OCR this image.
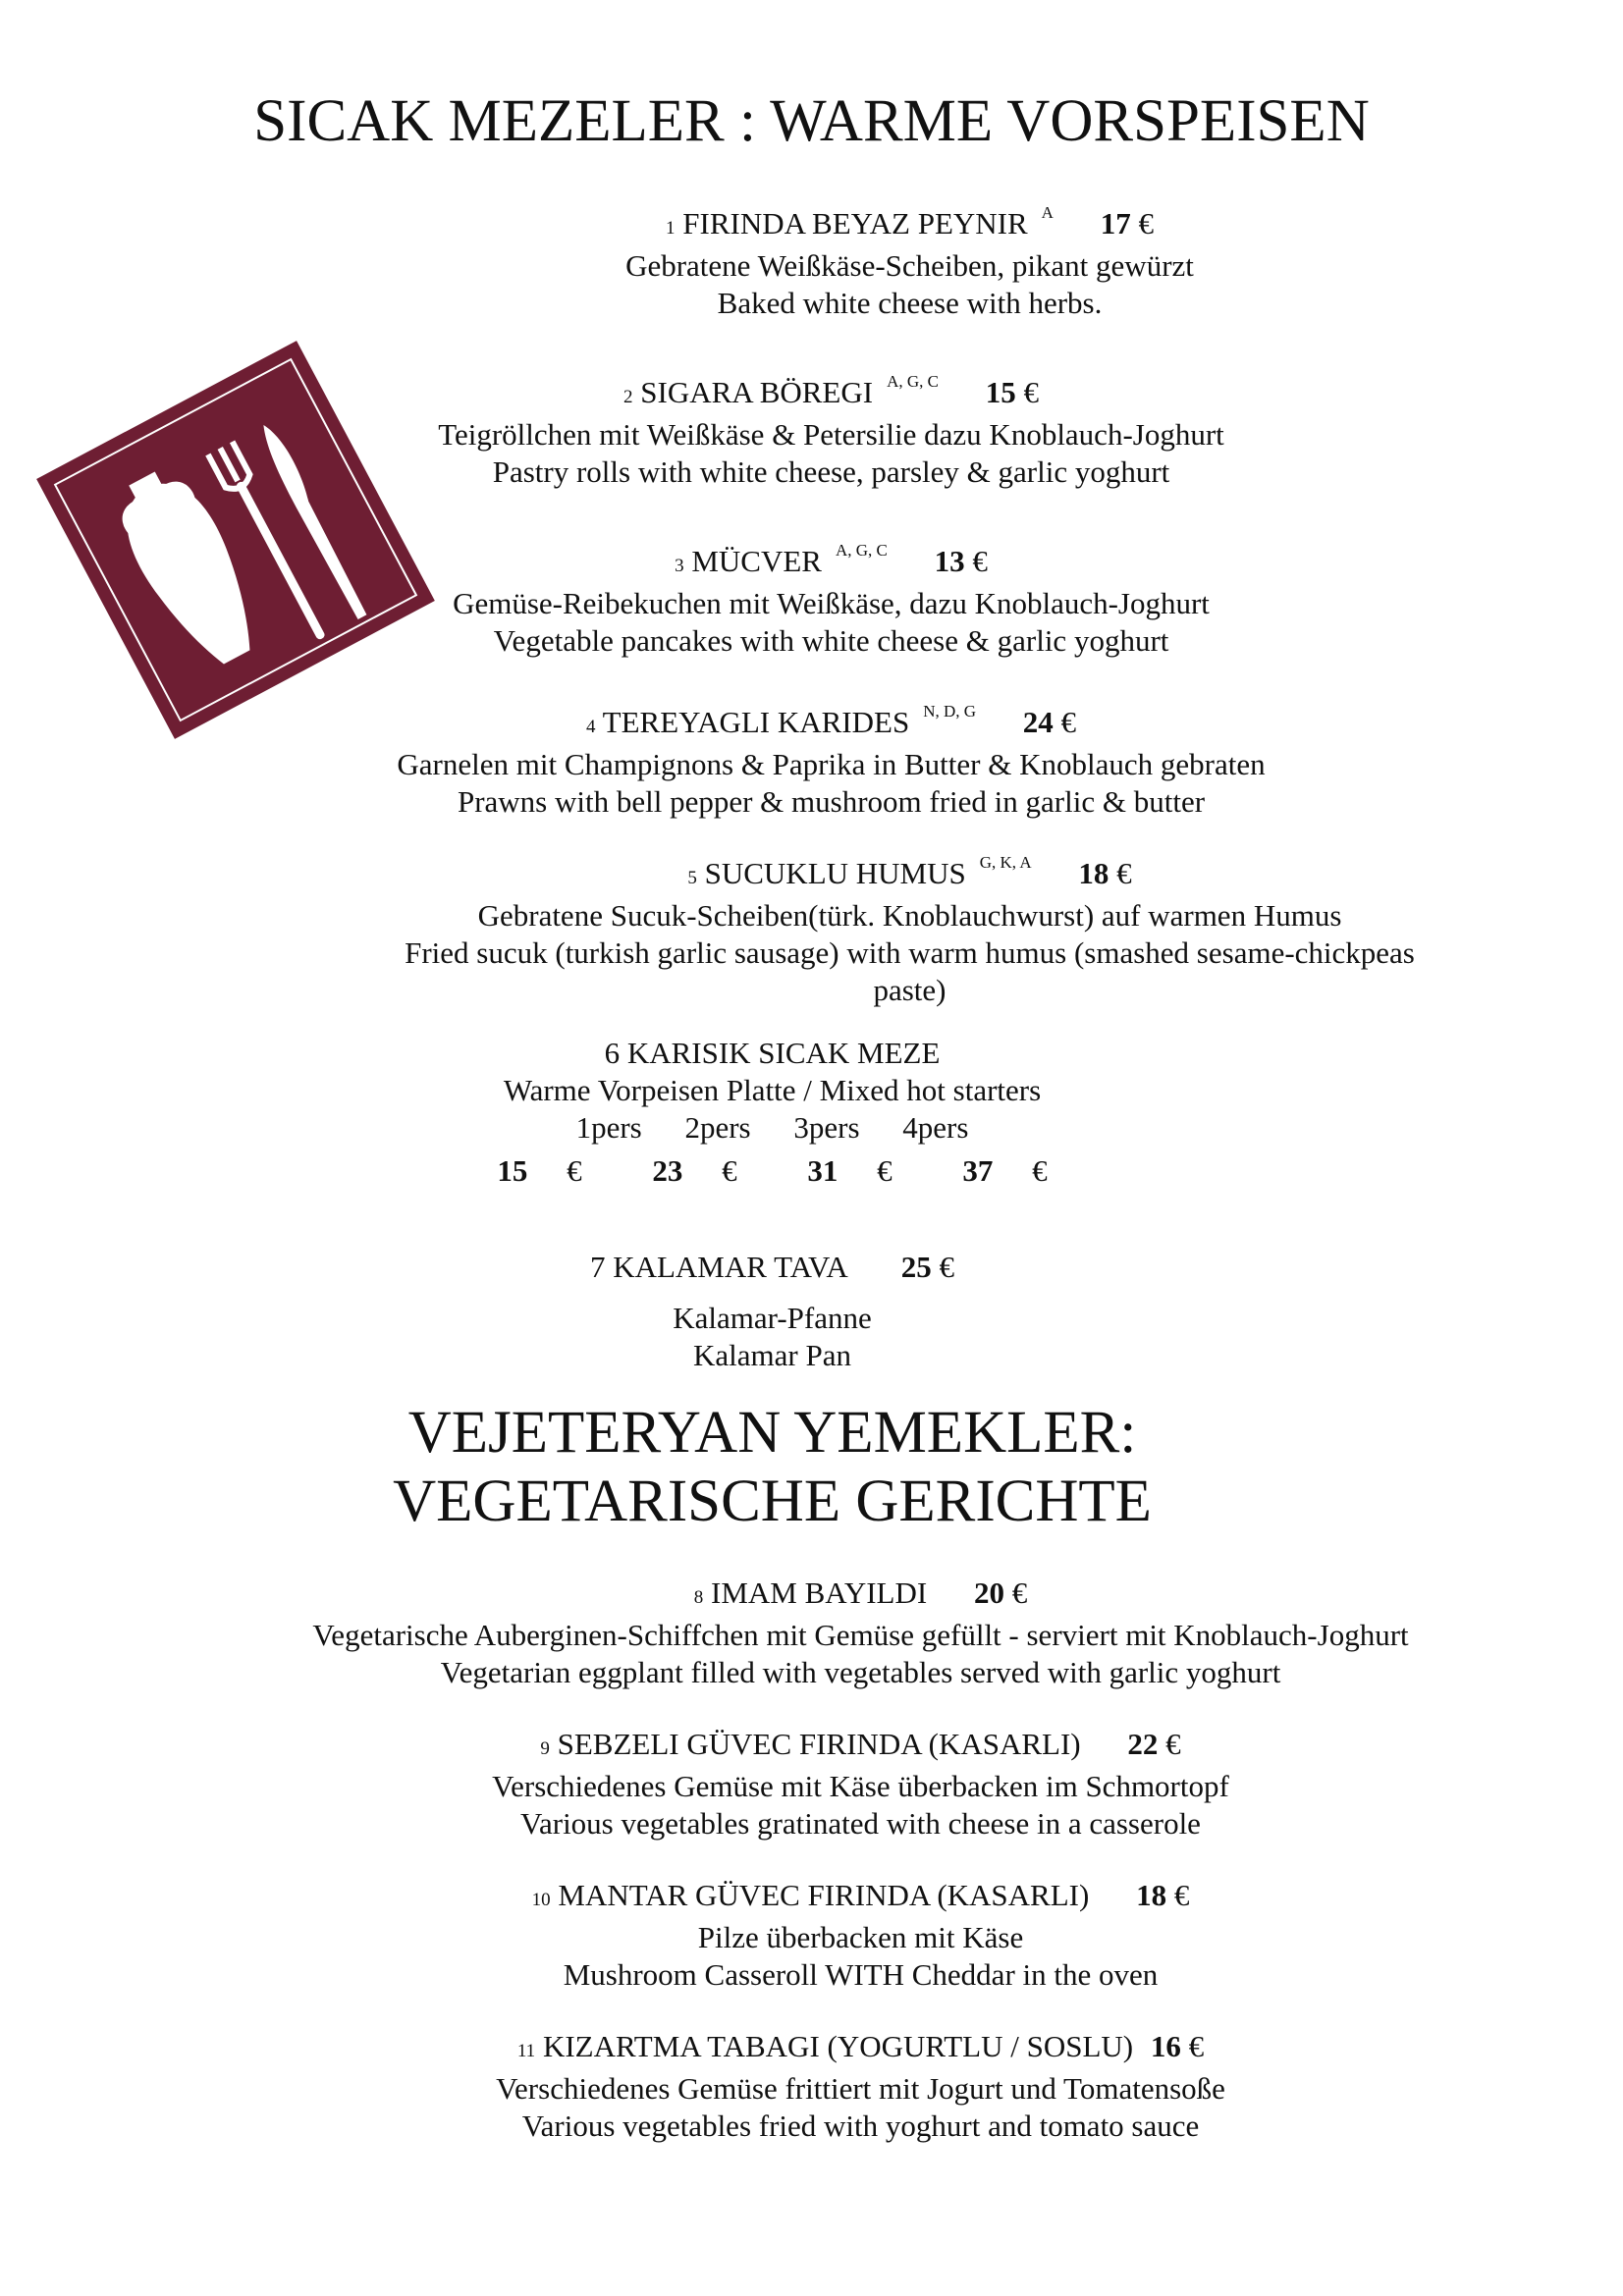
SICAK MEZELER : WARME VORSPEISEN
1 FIRINDA BEYAZ PEYNIR $^A$ 17 €
Gebratene Weißkäse-Scheiben, pikant gewürzt
Baked white cheese with herbs.
2 SIGARA BÖREGI $^{A, G, C}$ 15 €
Teigröllchen mit Weißkäse & Petersilie dazu Knoblauch-Joghurt
Pastry rolls with white cheese, parsley & garlic yoghurt
3 MÜCVER $^{A, G, C}$ 13 €
Gemüse-Reibekuchen mit Weißkäse, dazu Knoblauch-Joghurt
Vegetable pancakes with white cheese & garlic yoghurt
4 TEREYAGLI KARIDES $^{N, D, G}$ 24 €
Garnelen mit Champignons & Paprika in Butter & Knoblauch gebraten
Prawns with bell pepper & mushroom fried in garlic & butter
5 SUCUKLU HUMUS $^{G, K, A}$ 18 €
Gebratene Sucuk-Scheiben(türk. Knoblauchwurst) auf warmen Humus
Fried sucuk (turkish garlic sausage) with warm humus (smashed sesame-chickpeas
paste)
6 KARISIK SICAK MEZE
Warme Vorpeisen Platte / Mixed hot starters
1pers 2pers 3pers 4pers
15 € 23 € 31 € 37 €
7 KALAMAR TAVA 25 €
Kalamar-Pfanne
Kalamar Pan
VEJETERYAN YEMEKLER:
VEGETARISCHE GERICHTE
8 IMAM BAYILDI 20 €
Vegetarische Auberginen-Schiffchen mit Gemüse gefüllt - serviert mit Knoblauch-Joghurt
Vegetarian eggplant filled with vegetables served with garlic yoghurt
9 SEBZELI GÜVEC FIRINDA (KASARLI) 22 €
Verschiedenes Gemüse mit Käse überbacken im Schmortopf
Various vegetables gratinated with cheese in a casserole
10 MANTAR GÜVEC FIRINDA (KASARLI) 18 €
Pilze überbacken mit Käse
Mushroom Casseroll WITH Cheddar in the oven
11 KIZARTMA TABAGI (YOGURTLU / SOSLU) 16 €
Verschiedenes Gemüse frittiert mit Jogurt und Tomatensoße
Various vegetables fried with yoghurt and tomato sauce
